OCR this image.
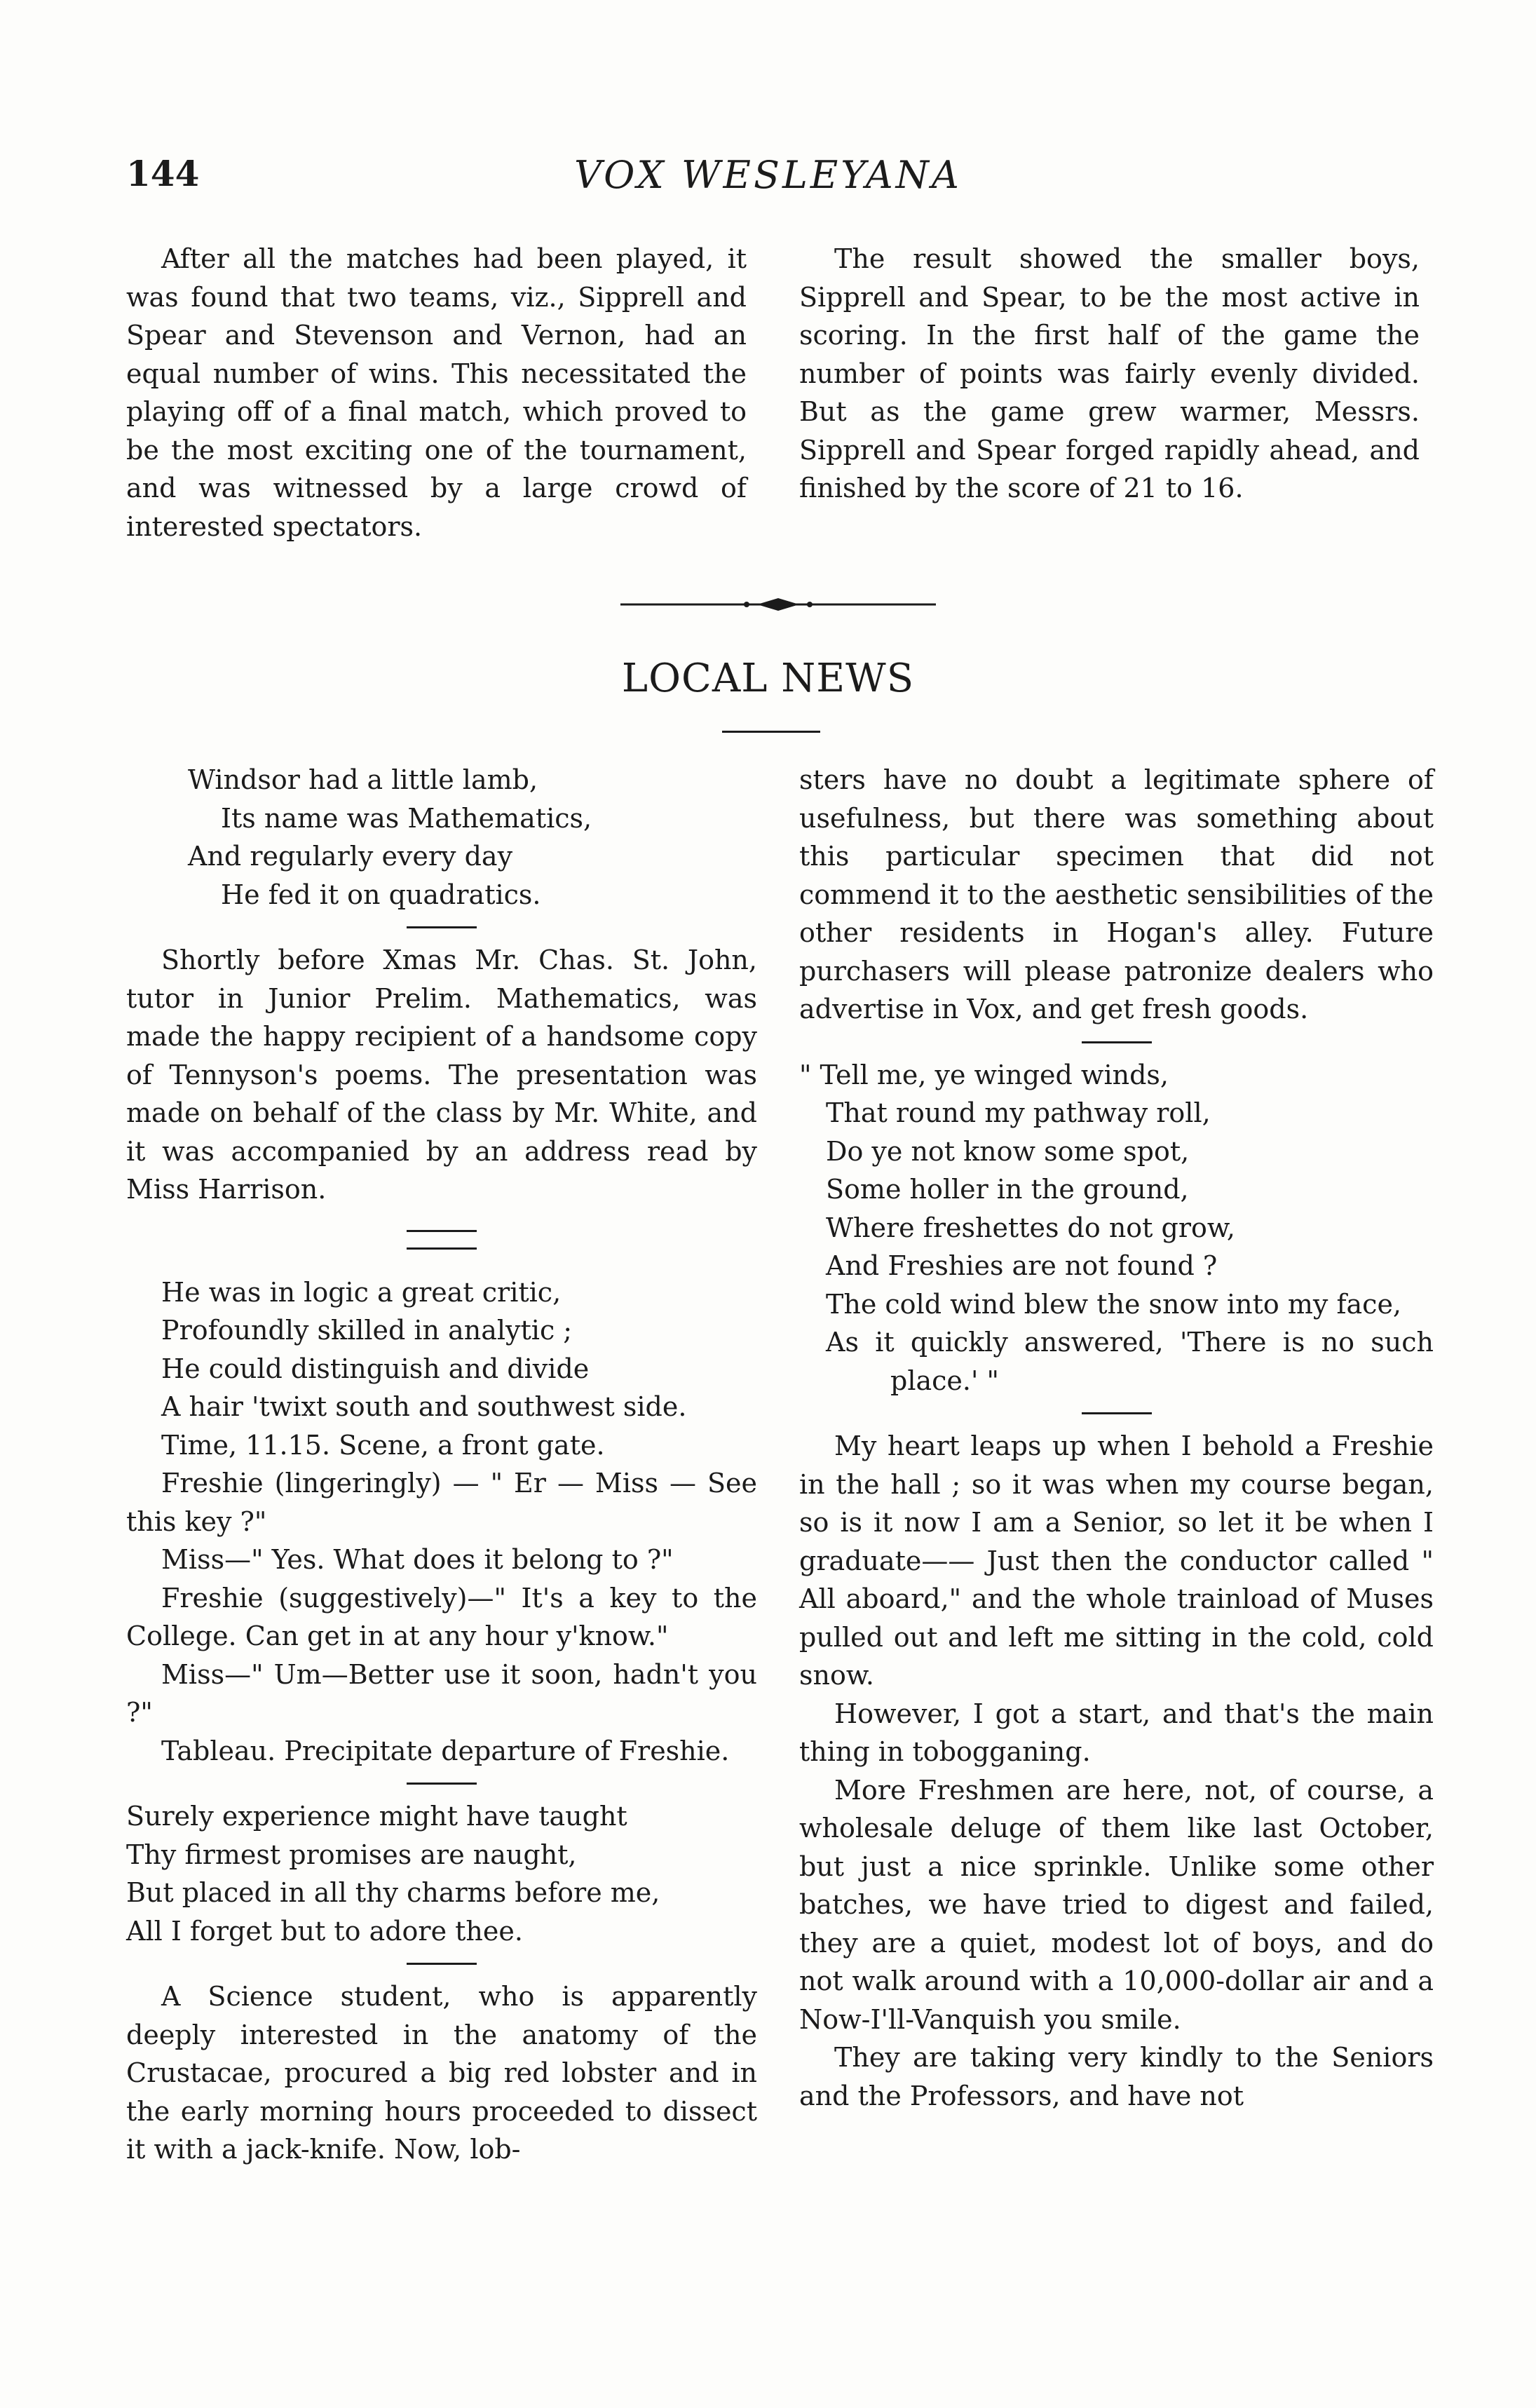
144	VOX WESLEYANA

After all the matches had been played, it was found that two teams, viz., Sipprell and Spear and Stevenson and Vernon, had an equal number of wins. This necessitated the playing off of a final match, which proved to be the most exciting one of the tournament, and was witnessed by a large crowd of interested spectators.

The result showed the smaller boys, Sipprell and Spear, to be the most active in scoring. In the first half of the game the number of points was fairly evenly divided. But as the game grew warmer, Messrs. Sipprell and Spear forged rapidly ahead, and finished by the score of 21 to 16.

LOCAL NEWS

Windsor had a little lamb,

Its name was Mathematics,

And regularly every day

He fed it on quadratics.

Shortly before Xmas Mr. Chas. St. John, tutor in Junior Prelim. Mathematics, was made the happy recipient of a handsome copy of Tennyson's poems. The presentation was made on behalf of the class by Mr. White, and it was accompanied by an address read by Miss Harrison.

He was in logic a great critic,

Profoundly skilled in analytic ;

He could distinguish and divide

A hair 'twixt south and southwest side.

Time, 11.15. Scene, a front gate.

Freshie (lingeringly) — " Er — Miss — See this key ?"

Miss—" Yes. What does it belong to ?"

Freshie (suggestively)—" It's a key to the College. Can get in at any hour y'know."

Miss—" Um—Better use it soon, hadn't you ?"

Tableau. Precipitate departure of Freshie.

Surely experience might have taught

Thy firmest promises are naught,

But placed in all thy charms before me,

All I forget but to adore thee.

A Science student, who is apparently deeply interested in the anatomy of the Crustacae, procured a big red lobster and in the early morning hours proceeded to dissect it with a jack-knife. Now, lob-

sters have no doubt a legitimate sphere of usefulness, but there was something about this particular specimen that did not commend it to the aesthetic sensibilities of the other residents in Hogan's alley. Future purchasers will please patronize dealers who advertise in Vox, and get fresh goods.

" Tell me, ye winged winds,

That round my pathway roll,

Do ye not know some spot,

Some holler in the ground,

Where freshettes do not grow,

And Freshies are not found ?

The cold wind blew the snow into my face,

As it quickly answered, 'There is no such place.' "

My heart leaps up when I behold a Freshie in the hall ; so it was when my course began, so is it now I am a Senior, so let it be when I graduate—— Just then the conductor called " All aboard," and the whole trainload of Muses pulled out and left me sitting in the cold, cold snow.

However, I got a start, and that's the main thing in tobogganing.

More Freshmen are here, not, of course, a wholesale deluge of them like last October, but just a nice sprinkle. Unlike some other batches, we have tried to digest and failed, they are a quiet, modest lot of boys, and do not walk around with a 10,000-dollar air and a Now-I'll-Vanquish you smile.

They are taking very kindly to the Seniors and the Professors, and have not
